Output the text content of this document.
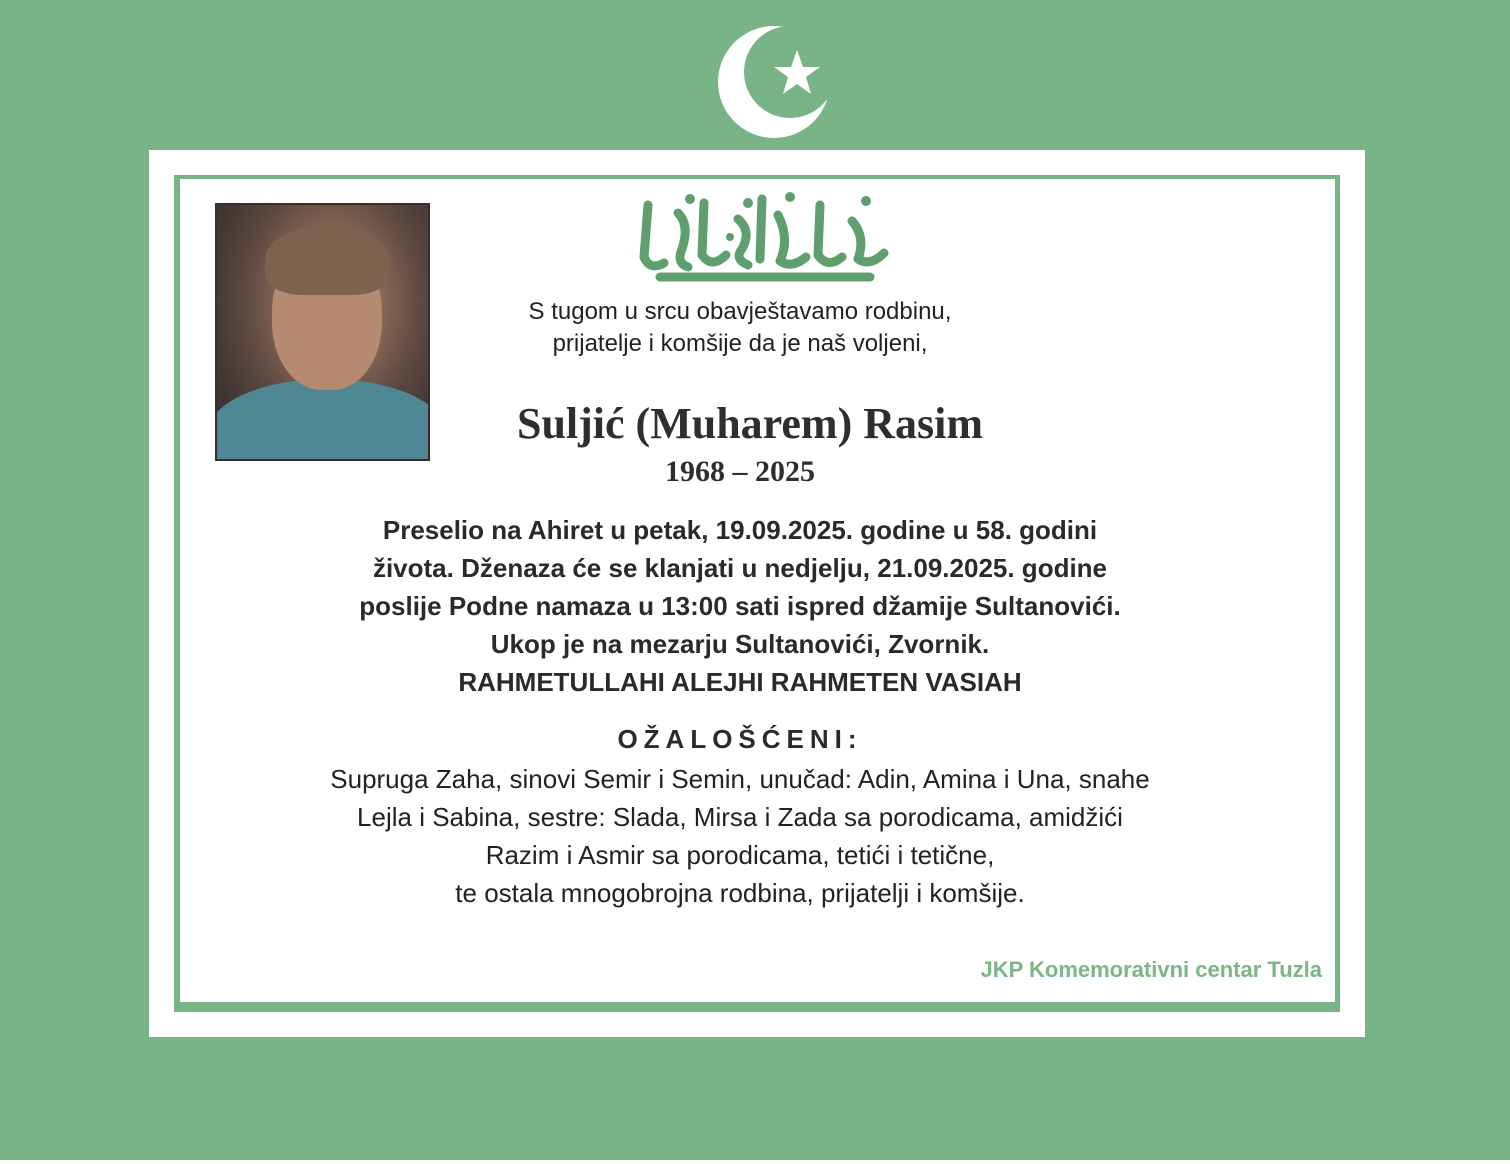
S tugom u srcu obavještavamo rodbinu,
prijatelje i komšije da je naš voljeni,
Suljić (Muharem) Rasim
1968 – 2025
Preselio na Ahiret u petak, 19.09.2025. godine u 58. godini
života. Dženaza će se klanjati u nedjelju, 21.09.2025. godine
poslije Podne namaza u 13:00 sati ispred džamije Sultanovići.
Ukop je na mezarju Sultanovići, Zvornik.
RAHMETULLAHI ALEJHI RAHMETEN VASIAH
OŽALOŠĆENI:
Supruga Zaha, sinovi Semir i Semin, unučad: Adin, Amina i Una, snahe
Lejla i Sabina, sestre: Slada, Mirsa i Zada sa porodicama, amidžići
Razim i Asmir sa porodicama, tetići i tetične,
te ostala mnogobrojna rodbina, prijatelji i komšije.
JKP Komemorativni centar Tuzla
